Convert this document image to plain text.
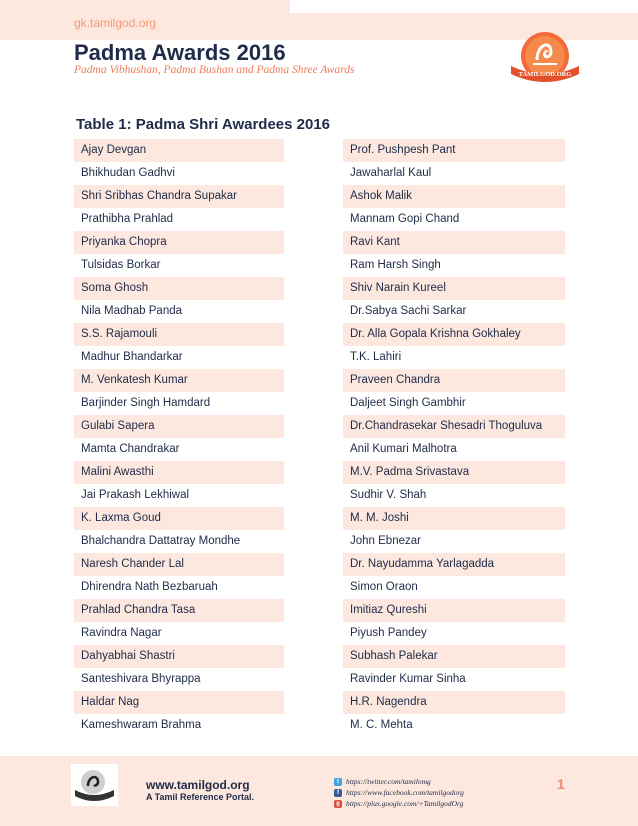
gk.tamilgod.org
Padma Awards 2016
Padma Vibhushan, Padma Bushan and Padma Shree Awards	TAMILGOD.ORG
Table 1: Padma Shri Awardees 2016
Ajay Devgan
Bhikhudan Gadhvi
Shri Sribhas Chandra Supakar
Prathibha Prahlad
Priyanka Chopra
Tulsidas Borkar
Soma Ghosh
Nila Madhab Panda
S.S. Rajamouli
Madhur Bhandarkar
M. Venkatesh Kumar
Barjinder Singh Hamdard
Gulabi Sapera
Mamta Chandrakar
Malini Awasthi
Jai Prakash Lekhiwal
K. Laxma Goud
Bhalchandra Dattatray Mondhe
Naresh Chander Lal
Dhirendra Nath Bezbaruah
Prahlad Chandra Tasa
Ravindra Nagar
Dahyabhai Shastri
Santeshivara Bhyrappa
Haldar Nag
Kameshwaram Brahma
Prof. Pushpesh Pant
Jawaharlal Kaul
Ashok Malik
Mannam Gopi Chand
Ravi Kant
Ram Harsh Singh
Shiv Narain Kureel
Dr.Sabya Sachi Sarkar
Dr. Alla Gopala Krishna Gokhaley
T.K. Lahiri
Praveen Chandra
Daljeet Singh Gambhir
Dr.Chandrasekar Shesadri Thoguluva
Anil Kumari Malhotra
M.V. Padma Srivastava
Sudhir V. Shah
M. M. Joshi
John Ebnezar
Dr. Nayudamma Yarlagadda
Simon Oraon
Imitiaz Qureshi
Piyush Pandey
Subhash Palekar
Ravinder Kumar Sinha
H.R. Nagendra
M. C. Mehta
www.tamilgod.org
A Tamil Reference Portal.
t https://twitter.com/tamilomg
f https://www.facebook.com/tamilgodorg
g https://plus.google.com/+TamilgodOrg
1
